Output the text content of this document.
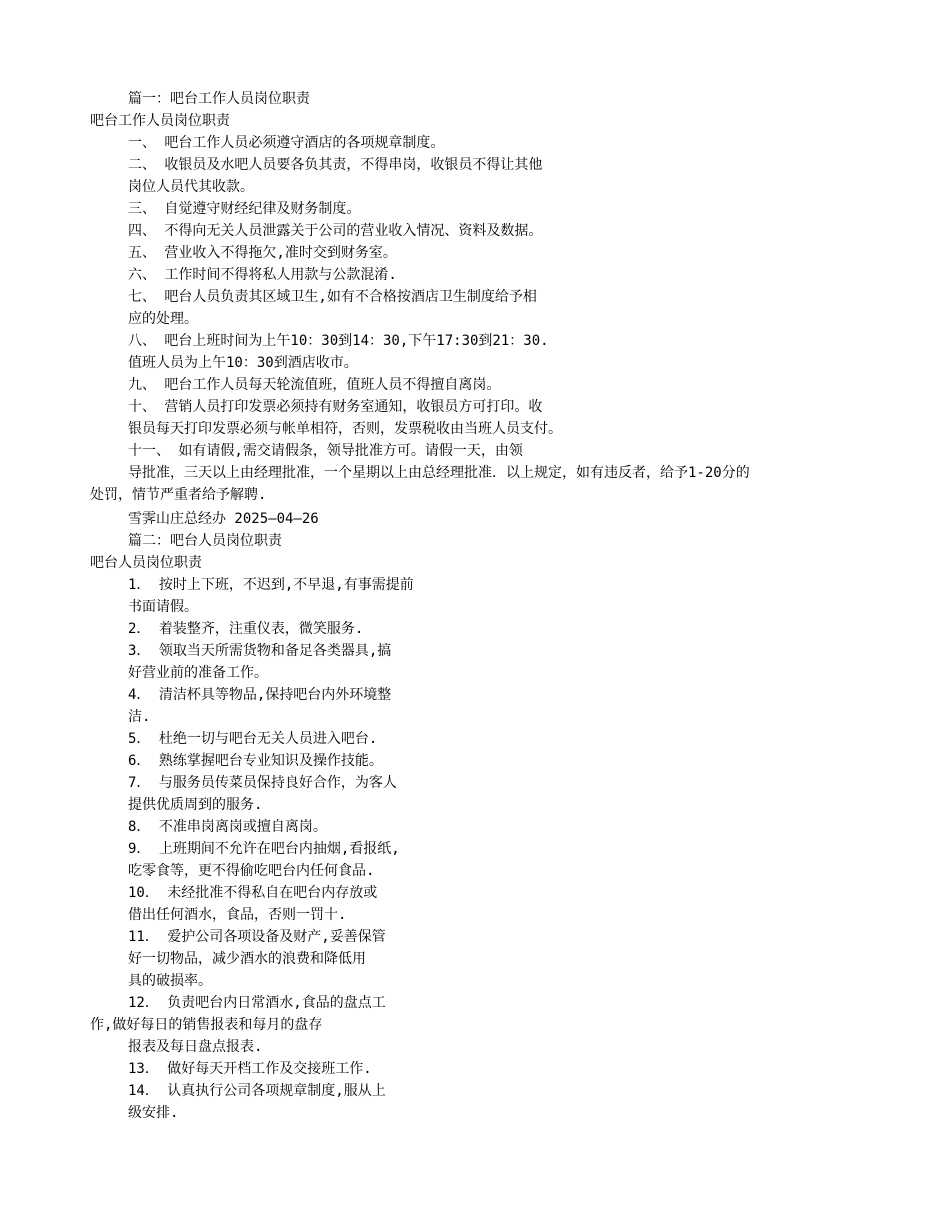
篇一：吧台工作人员岗位职责
吧台工作人员岗位职责
一、 吧台工作人员必须遵守酒店的各项规章制度。
二、 收银员及水吧人员要各负其责，不得串岗，收银员不得让其他
岗位人员代其收款。
三、 自觉遵守财经纪律及财务制度。
四、 不得向无关人员泄露关于公司的营业收入情况、资料及数据。
五、 营业收入不得拖欠,准时交到财务室。
六、 工作时间不得将私人用款与公款混淆.
七、 吧台人员负责其区域卫生,如有不合格按酒店卫生制度给予相
应的处理。
八、 吧台上班时间为上午10：30到14：30,下午17:30到21：30.
值班人员为上午10：30到酒店收市。
九、 吧台工作人员每天轮流值班，值班人员不得擅自离岗。
十、 营销人员打印发票必须持有财务室通知，收银员方可打印。收
银员每天打印发票必须与帐单相符，否则，发票税收由当班人员支付。
十一、 如有请假,需交请假条，领导批准方可。请假一天，由领
导批准，三天以上由经理批准，一个星期以上由总经理批准．以上规定，如有违反者，给予1-20分的
处罚，情节严重者给予解聘.
雪霁山庄总经办 2025—04—26
篇二：吧台人员岗位职责
吧台人员岗位职责
1． 按时上下班，不迟到,不早退,有事需提前
书面请假。
2． 着装整齐，注重仪表，微笑服务.
3． 领取当天所需货物和备足各类器具,搞
好营业前的准备工作。
4． 清洁杯具等物品,保持吧台内外环境整
洁.
5． 杜绝一切与吧台无关人员进入吧台.
6． 熟练掌握吧台专业知识及操作技能。
7． 与服务员传菜员保持良好合作，为客人
提供优质周到的服务.
8． 不准串岗离岗或擅自离岗。
9． 上班期间不允许在吧台内抽烟,看报纸,
吃零食等，更不得偷吃吧台内任何食品.
10． 未经批准不得私自在吧台内存放或
借出任何酒水，食品，否则一罚十.
11． 爱护公司各项设备及财产,妥善保管
好一切物品，减少酒水的浪费和降低用
具的破损率。
12． 负责吧台内日常酒水,食品的盘点工
作,做好每日的销售报表和每月的盘存
报表及每日盘点报表.
13． 做好每天开档工作及交接班工作.
14． 认真执行公司各项规章制度,服从上
级安排.
